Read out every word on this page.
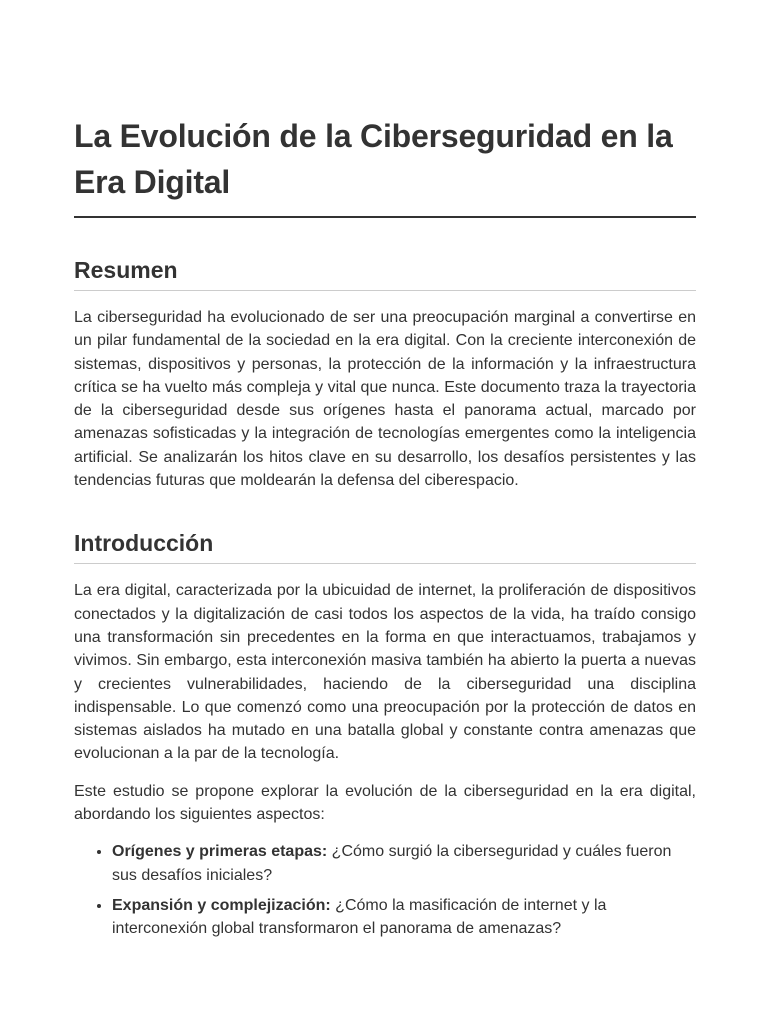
La Evolución de la Ciberseguridad en la Era Digital
Resumen

La ciberseguridad ha evolucionado de ser una preocupación marginal a convertirse en un pilar fundamental de la sociedad en la era digital. Con la creciente interconexión de sistemas, dispositivos y personas, la protección de la información y la infraestructura crítica se ha vuelto más compleja y vital que nunca. Este documento traza la trayectoria de la ciberseguridad desde sus orígenes hasta el panorama actual, marcado por amenazas sofisticadas y la integración de tecnologías emergentes como la inteligencia artificial. Se analizarán los hitos clave en su desarrollo, los desafíos persistentes y las tendencias futuras que moldearán la defensa del ciberespacio.

Introducción

La era digital, caracterizada por la ubicuidad de internet, la proliferación de dispositivos conectados y la digitalización de casi todos los aspectos de la vida, ha traído consigo una transformación sin precedentes en la forma en que interactuamos, trabajamos y vivimos. Sin embargo, esta interconexión masiva también ha abierto la puerta a nuevas y crecientes vulnerabilidades, haciendo de la ciberseguridad una disciplina indispensable. Lo que comenzó como una preocupación por la protección de datos en sistemas aislados ha mutado en una batalla global y constante contra amenazas que evolucionan a la par de la tecnología.

Este estudio se propone explorar la evolución de la ciberseguridad en la era digital, abordando los siguientes aspectos:

• Orígenes y primeras etapas: ¿Cómo surgió la ciberseguridad y cuáles fueron sus desafíos iniciales?
• Expansión y complejización: ¿Cómo la masificación de internet y la interconexión global transformaron el panorama de amenazas?
